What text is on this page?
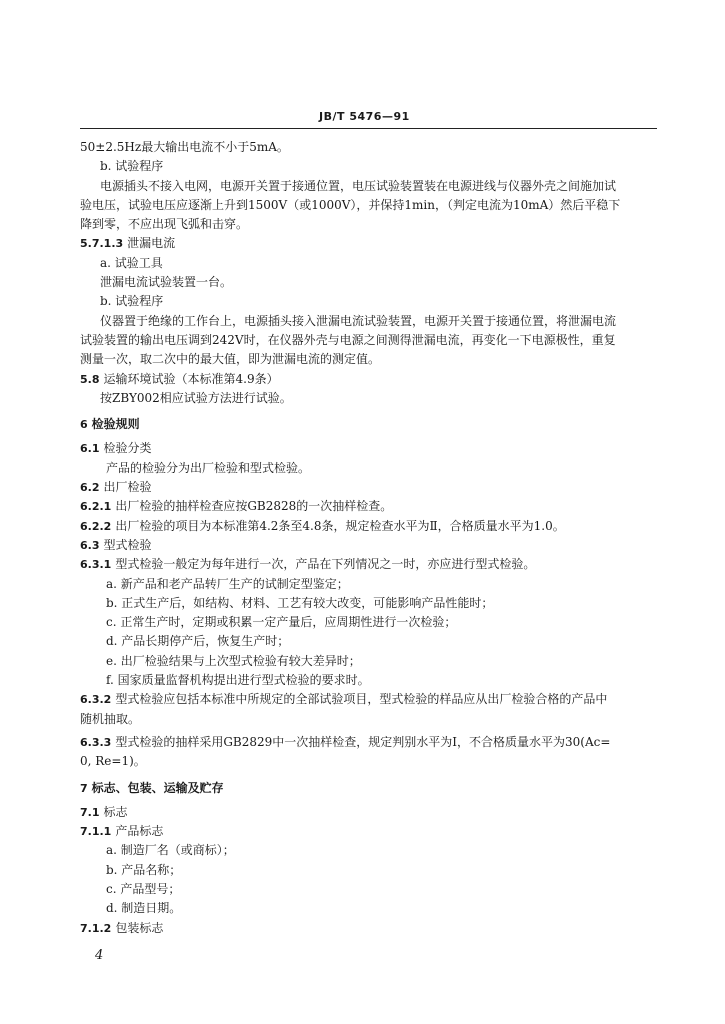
JB/T 5476—91
50±2.5Hz最大输出电流不小于5mA。
b. 试验程序
电源插头不接入电网，电源开关置于接通位置，电压试验装置装在电源进线与仪器外壳之间施加试
验电压，试验电压应逐渐上升到1500V（或1000V），并保持1min，（判定电流为10mA）然后平稳下
降到零，不应出现飞弧和击穿。
5.7.1.3 泄漏电流
a. 试验工具
泄漏电流试验装置一台。
b. 试验程序
仪器置于绝缘的工作台上，电源插头接入泄漏电流试验装置，电源开关置于接通位置，将泄漏电流
试验装置的输出电压调到242V时，在仪器外壳与电源之间测得泄漏电流，再变化一下电源极性，重复
测量一次，取二次中的最大值，即为泄漏电流的测定值。
5.8 运输环境试验（本标准第4.9条）
按ZBY002相应试验方法进行试验。
6 检验规则
6.1 检验分类
产品的检验分为出厂检验和型式检验。
6.2 出厂检验
6.2.1 出厂检验的抽样检查应按GB2828的一次抽样检查。
6.2.2 出厂检验的项目为本标准第4.2条至4.8条，规定检查水平为Ⅱ，合格质量水平为1.0。
6.3 型式检验
6.3.1 型式检验一般定为每年进行一次，产品在下列情况之一时，亦应进行型式检验。
a. 新产品和老产品转厂生产的试制定型鉴定；
b. 正式生产后，如结构、材料、工艺有较大改变，可能影响产品性能时；
c. 正常生产时，定期或积累一定产量后，应周期性进行一次检验；
d. 产品长期停产后，恢复生产时；
e. 出厂检验结果与上次型式检验有较大差异时；
f. 国家质量监督机构提出进行型式检验的要求时。
6.3.2 型式检验应包括本标准中所规定的全部试验项目，型式检验的样品应从出厂检验合格的产品中
随机抽取。
6.3.3 型式检验的抽样采用GB2829中一次抽样检查，规定判别水平为Ⅰ，不合格质量水平为30(Ac=
0, Re=1)。
7 标志、包装、运输及贮存
7.1 标志
7.1.1 产品标志
a. 制造厂名（或商标）；
b. 产品名称；
c. 产品型号；
d. 制造日期。
7.1.2 包装标志
4
